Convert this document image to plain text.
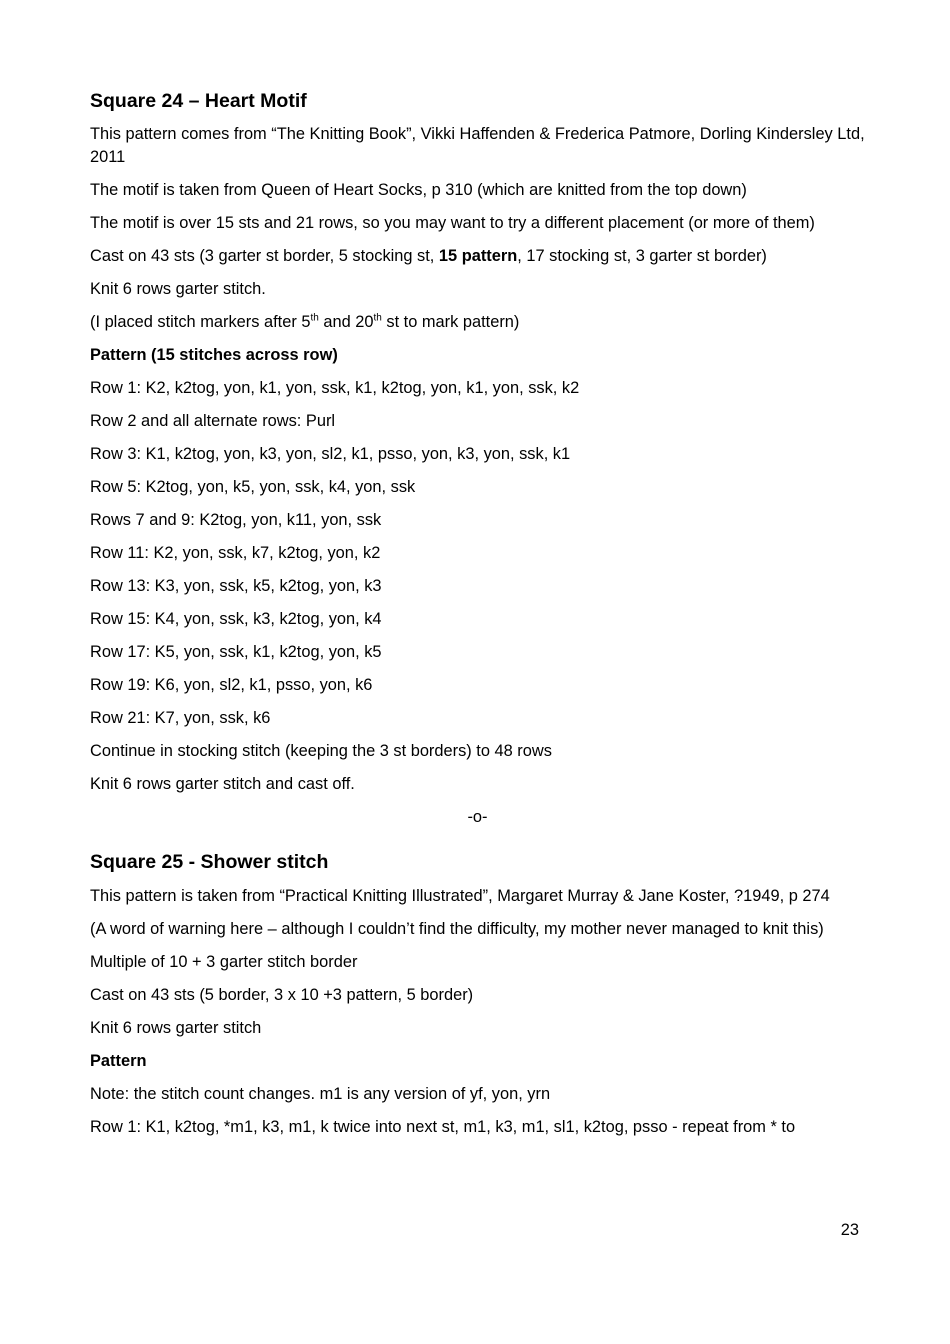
Square 24 – Heart Motif

This pattern comes from “The Knitting Book”, Vikki Haffenden & Frederica Patmore, Dorling Kindersley Ltd, 2011

The motif is taken from Queen of Heart Socks, p 310 (which are knitted from the top down)

The motif is over 15 sts and 21 rows, so you may want to try a different placement (or more of them)

Cast on 43 sts (3 garter st border, 5 stocking st, 15 pattern, 17 stocking st, 3 garter st border)

Knit 6 rows garter stitch.

(I placed stitch markers after 5th and 20th st to mark pattern)

Pattern (15 stitches across row)

Row 1: K2, k2tog, yon, k1, yon, ssk, k1, k2tog, yon, k1, yon, ssk, k2

Row 2 and all alternate rows: Purl

Row 3: K1, k2tog, yon, k3, yon, sl2, k1, psso, yon, k3, yon, ssk, k1

Row 5: K2tog, yon, k5, yon, ssk, k4, yon, ssk

Rows 7 and 9: K2tog, yon, k11, yon, ssk

Row 11: K2, yon, ssk, k7, k2tog, yon, k2

Row 13: K3, yon, ssk, k5, k2tog, yon, k3

Row 15: K4, yon, ssk, k3, k2tog, yon, k4

Row 17: K5, yon, ssk, k1, k2tog, yon, k5

Row 19: K6, yon, sl2, k1, psso, yon, k6

Row 21: K7, yon, ssk, k6

Continue in stocking stitch (keeping the 3 st borders) to 48 rows

Knit 6 rows garter stitch and cast off.

-o-

Square 25 - Shower stitch

This pattern is taken from “Practical Knitting Illustrated”, Margaret Murray & Jane Koster, ?1949, p 274

(A word of warning here – although I couldn’t find the difficulty, my mother never managed to knit this)

Multiple of 10 + 3 garter stitch border

Cast on 43 sts (5 border, 3 x 10 +3 pattern, 5 border)

Knit 6 rows garter stitch

Pattern

Note: the stitch count changes. m1 is any version of yf, yon, yrn

Row 1: K1, k2tog, *m1, k3, m1, k twice into next st, m1, k3, m1, sl1, k2tog, psso - repeat from * to

23
